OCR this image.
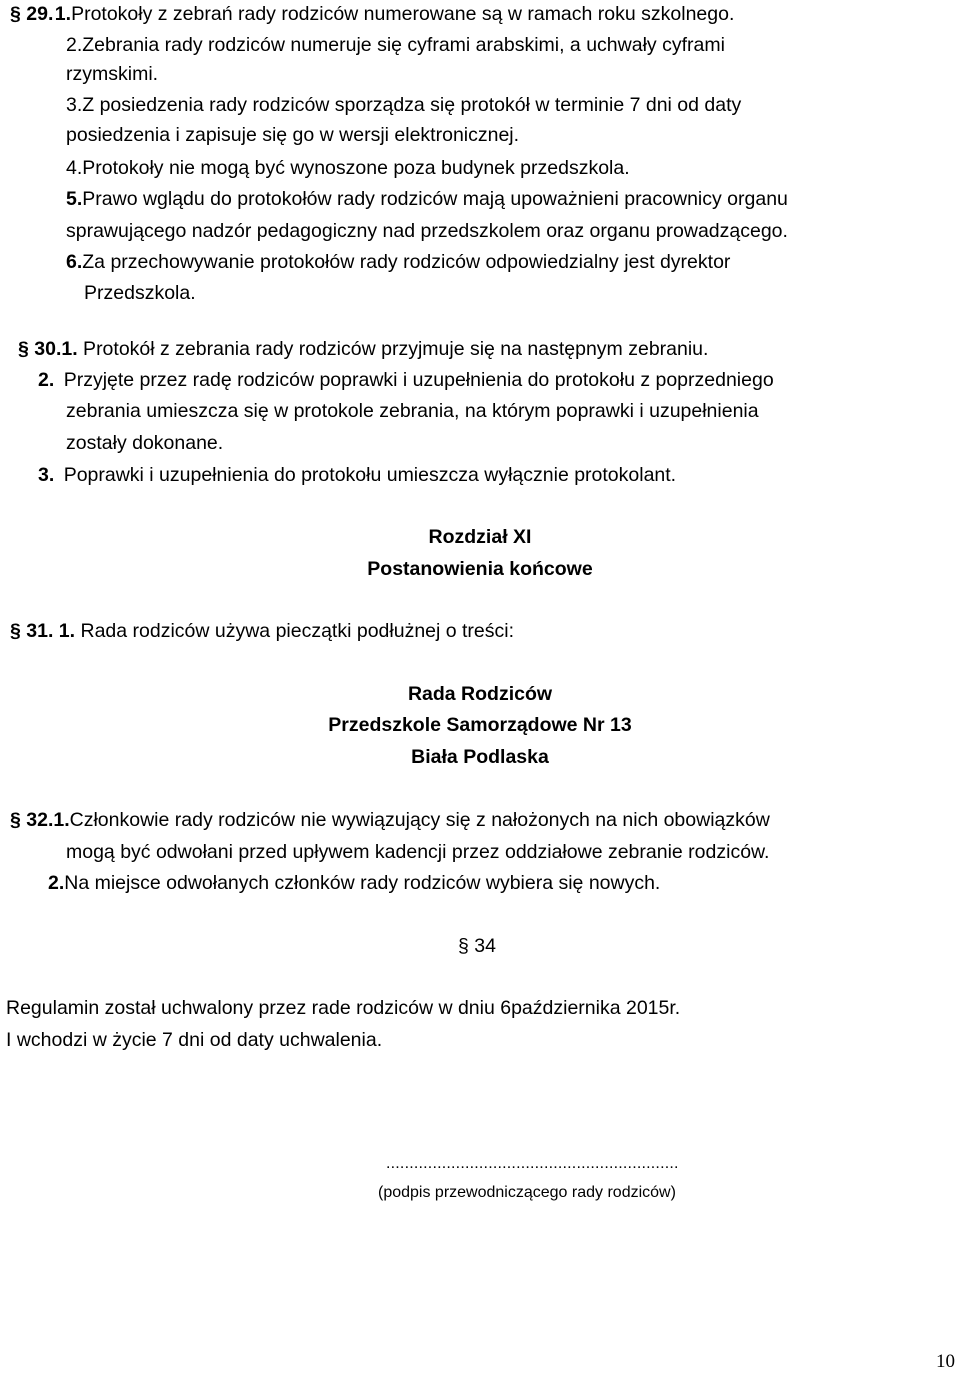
§ 29. 1.Protokoły z zebrań rady rodziców numerowane są w ramach roku szkolnego.
2.Zebrania rady rodziców numeruje się cyframi arabskimi, a uchwały cyframi
rzymskimi.
3.Z posiedzenia rady rodziców sporządza się protokół w terminie 7 dni od daty
posiedzenia i zapisuje się go w wersji elektronicznej.
4.Protokoły nie mogą być wynoszone poza budynek przedszkola.
5.Prawo wglądu do protokołów rady rodziców mają upoważnieni pracownicy organu
sprawującego nadzór pedagogiczny nad przedszkolem oraz organu prowadzącego.
6.Za przechowywanie protokołów rady rodziców odpowiedzialny jest dyrektor
Przedszkola.
§ 30.1. Protokół z zebrania rady rodziców przyjmuje się na następnym zebraniu.
2. Przyjęte przez radę rodziców poprawki i uzupełnienia do protokołu z poprzedniego
zebrania umieszcza się w protokole zebrania, na którym poprawki i uzupełnienia
zostały dokonane.
3. Poprawki i uzupełnienia do protokołu umieszcza wyłącznie protokolant.
Rozdział XI
Postanowienia końcowe
§ 31. 1. Rada rodziców używa pieczątki podłużnej o treści:
Rada Rodziców
Przedszkole Samorządowe Nr 13
Biała Podlaska
§ 32.1.Członkowie rady rodziców nie wywiązujący się z nałożonych na nich obowiązków
mogą być odwołani przed upływem kadencji przez oddziałowe zebranie rodziców.
2.Na miejsce odwołanych członków rady rodziców wybiera się nowych.
§ 34
Regulamin został uchwalony przez rade rodziców w dniu 6października 2015r.
I wchodzi w życie 7 dni od daty uchwalenia.
...............................................................
(podpis przewodniczącego rady rodziców)
10
